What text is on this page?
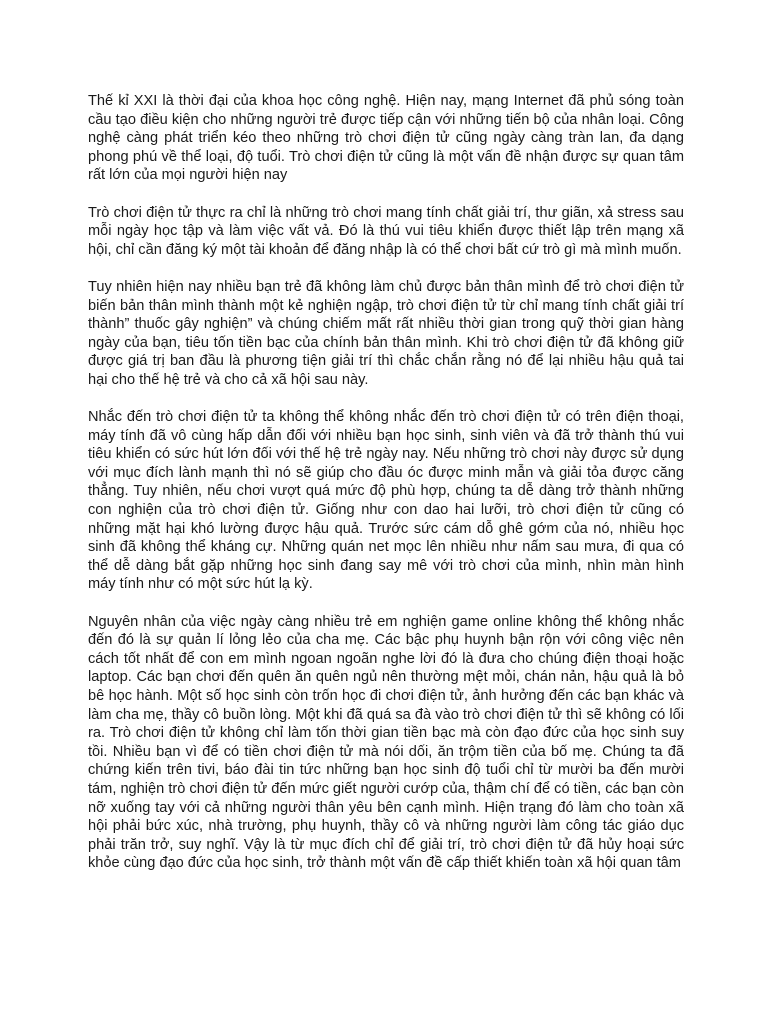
Thế kỉ XXI là thời đại của khoa học công nghệ. Hiện nay, mạng Internet đã phủ sóng toàn cầu tạo điều kiện cho những người trẻ được tiếp cận với những tiến bộ của nhân loại. Công nghệ càng phát triển kéo theo những trò chơi điện tử cũng ngày càng tràn lan, đa dạng phong phú về thể loại, độ tuổi. Trò chơi điện tử cũng là một vấn đề nhận được sự quan tâm rất lớn của mọi người hiện nay

Trò chơi điện tử thực ra chỉ là những trò chơi mang tính chất giải trí, thư giãn, xả stress sau mỗi ngày học tập và làm việc vất vả. Đó là thú vui tiêu khiển được thiết lập trên mạng xã hội, chỉ cần đăng ký một tài khoản để đăng nhập là có thể chơi bất cứ trò gì mà mình muốn.

Tuy nhiên hiện nay nhiều bạn trẻ đã không làm chủ được bản thân mình để trò chơi điện tử biến bản thân mình thành một kẻ nghiện ngập, trò chơi điện tử từ chỉ mang tính chất giải trí thành” thuốc gây nghiện” và chúng chiếm mất rất nhiều thời gian trong quỹ thời gian hàng ngày của bạn, tiêu tốn tiền bạc của chính bản thân mình. Khi trò chơi điện tử đã không giữ được giá trị ban đầu là phương tiện giải trí thì chắc chắn rằng nó để lại nhiều hậu quả tai hại cho thế hệ trẻ và cho cả xã hội sau này.

Nhắc đến trò chơi điện tử ta không thể không nhắc đến trò chơi điện tử có trên điện thoại, máy tính đã vô cùng hấp dẫn đối với nhiều bạn học sinh, sinh viên và đã trở thành thú vui tiêu khiển có sức hút lớn đối với thế hệ trẻ ngày nay. Nếu những trò chơi này được sử dụng với mục đích lành mạnh thì nó sẽ giúp cho đầu óc được minh mẫn và giải tỏa được căng thẳng. Tuy nhiên, nếu chơi vượt quá mức độ phù hợp, chúng ta dễ dàng trở thành những con nghiện của trò chơi điện tử. Giống như con dao hai lưỡi, trò chơi điện tử cũng có những mặt hại khó lường được hậu quả. Trước sức cám dỗ ghê gớm của nó, nhiều học sinh đã không thể kháng cự. Những quán net mọc lên nhiều như nấm sau mưa, đi qua có thể dễ dàng bắt gặp những học sinh đang say mê với trò chơi của mình, nhìn màn hình máy tính như có một sức hút lạ kỳ.

Nguyên nhân của việc ngày càng nhiều trẻ em nghiện game online không thể không nhắc đến đó là sự quản lí lỏng lẻo của cha mẹ. Các bậc phụ huynh bận rộn với công việc nên cách tốt nhất để con em mình ngoan ngoãn nghe lời đó là đưa cho chúng điện thoại hoặc laptop. Các bạn chơi đến quên ăn quên ngủ nên thường mệt mỏi, chán nản, hậu quả là bỏ bê học hành. Một số học sinh còn trốn học đi chơi điện tử, ảnh hưởng đến các bạn khác và làm cha mẹ, thầy cô buồn lòng. Một khi đã quá sa đà vào trò chơi điện tử thì sẽ không có lối ra. Trò chơi điện tử không chỉ làm tốn thời gian tiền bạc mà còn đạo đức của học sinh suy tồi. Nhiều bạn vì để có tiền chơi điện tử mà nói dối, ăn trộm tiền của bố mẹ. Chúng ta đã chứng kiến trên tivi, báo đài tin tức những bạn học sinh độ tuổi chỉ từ mười ba đến mười tám, nghiện trò chơi điện tử đến mức giết người cướp của, thậm chí để có tiền, các bạn còn nỡ xuống tay với cả những người thân yêu bên cạnh mình. Hiện trạng đó làm cho toàn xã hội phải bức xúc, nhà trường, phụ huynh, thầy cô và những người làm công tác giáo dục phải trăn trở, suy nghĩ. Vậy là từ mục đích chỉ để giải trí, trò chơi điện tử đã hủy hoại sức khỏe cùng đạo đức của học sinh, trở thành một vấn đề cấp thiết khiến toàn xã hội quan tâm
